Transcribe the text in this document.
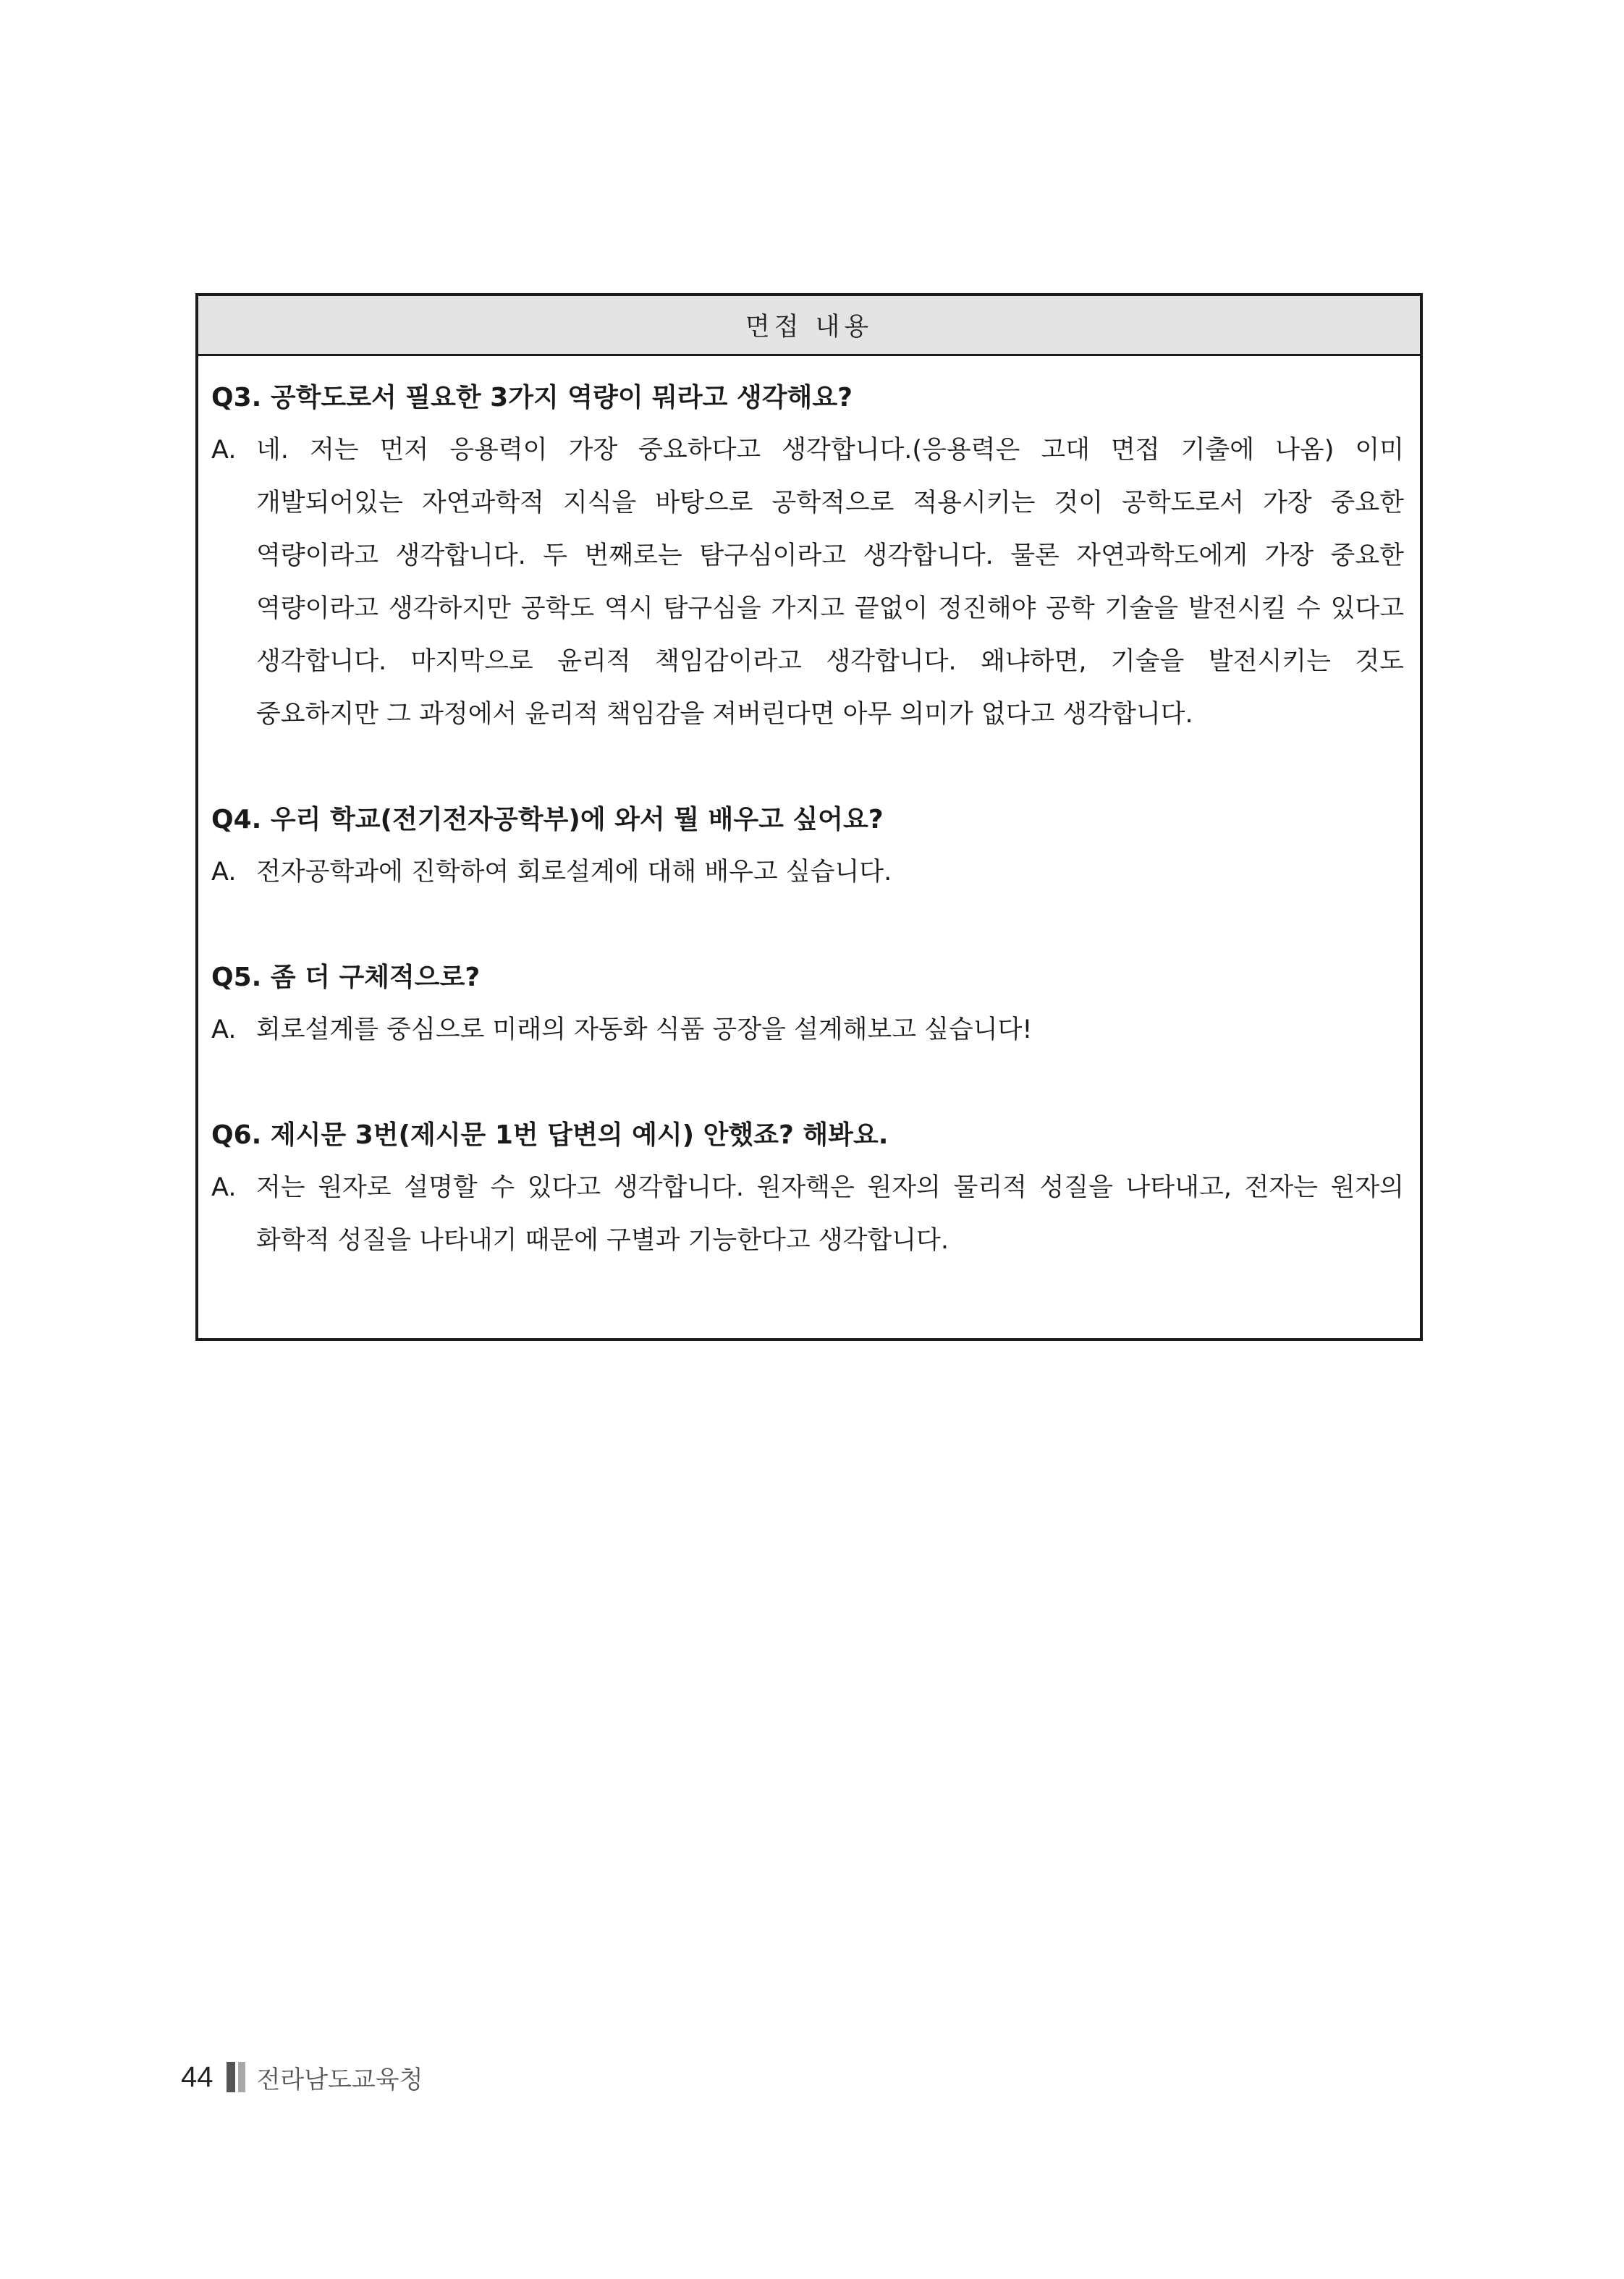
면접 내용
Q3. 공학도로서 필요한 3가지 역량이 뭐라고 생각해요?
A. 네. 저는 먼저 응용력이 가장 중요하다고 생각합니다.(응용력은 고대 면접 기출에 나옴) 이미 개발되어있는 자연과학적 지식을 바탕으로 공학적으로 적용시키는 것이 공학도로서 가장 중요한 역량이라고 생각합니다. 두 번째로는 탐구심이라고 생각합니다. 물론 자연과학도에게 가장 중요한 역량이라고 생각하지만 공학도 역시 탐구심을 가지고 끝없이 정진해야 공학 기술을 발전시킬 수 있다고 생각합니다. 마지막으로 윤리적 책임감이라고 생각합니다. 왜냐하면, 기술을 발전시키는 것도 중요하지만 그 과정에서 윤리적 책임감을 져버린다면 아무 의미가 없다고 생각합니다.
Q4. 우리 학교(전기전자공학부)에 와서 뭘 배우고 싶어요?
A. 전자공학과에 진학하여 회로설계에 대해 배우고 싶습니다.
Q5. 좀 더 구체적으로?
A. 회로설계를 중심으로 미래의 자동화 식품 공장을 설계해보고 싶습니다!
Q6. 제시문 3번(제시문 1번 답변의 예시) 안했죠? 해봐요.
A. 저는 원자로 설명할 수 있다고 생각합니다. 원자핵은 원자의 물리적 성질을 나타내고, 전자는 원자의 화학적 성질을 나타내기 때문에 구별과 기능한다고 생각합니다.
44 전라남도교육청
